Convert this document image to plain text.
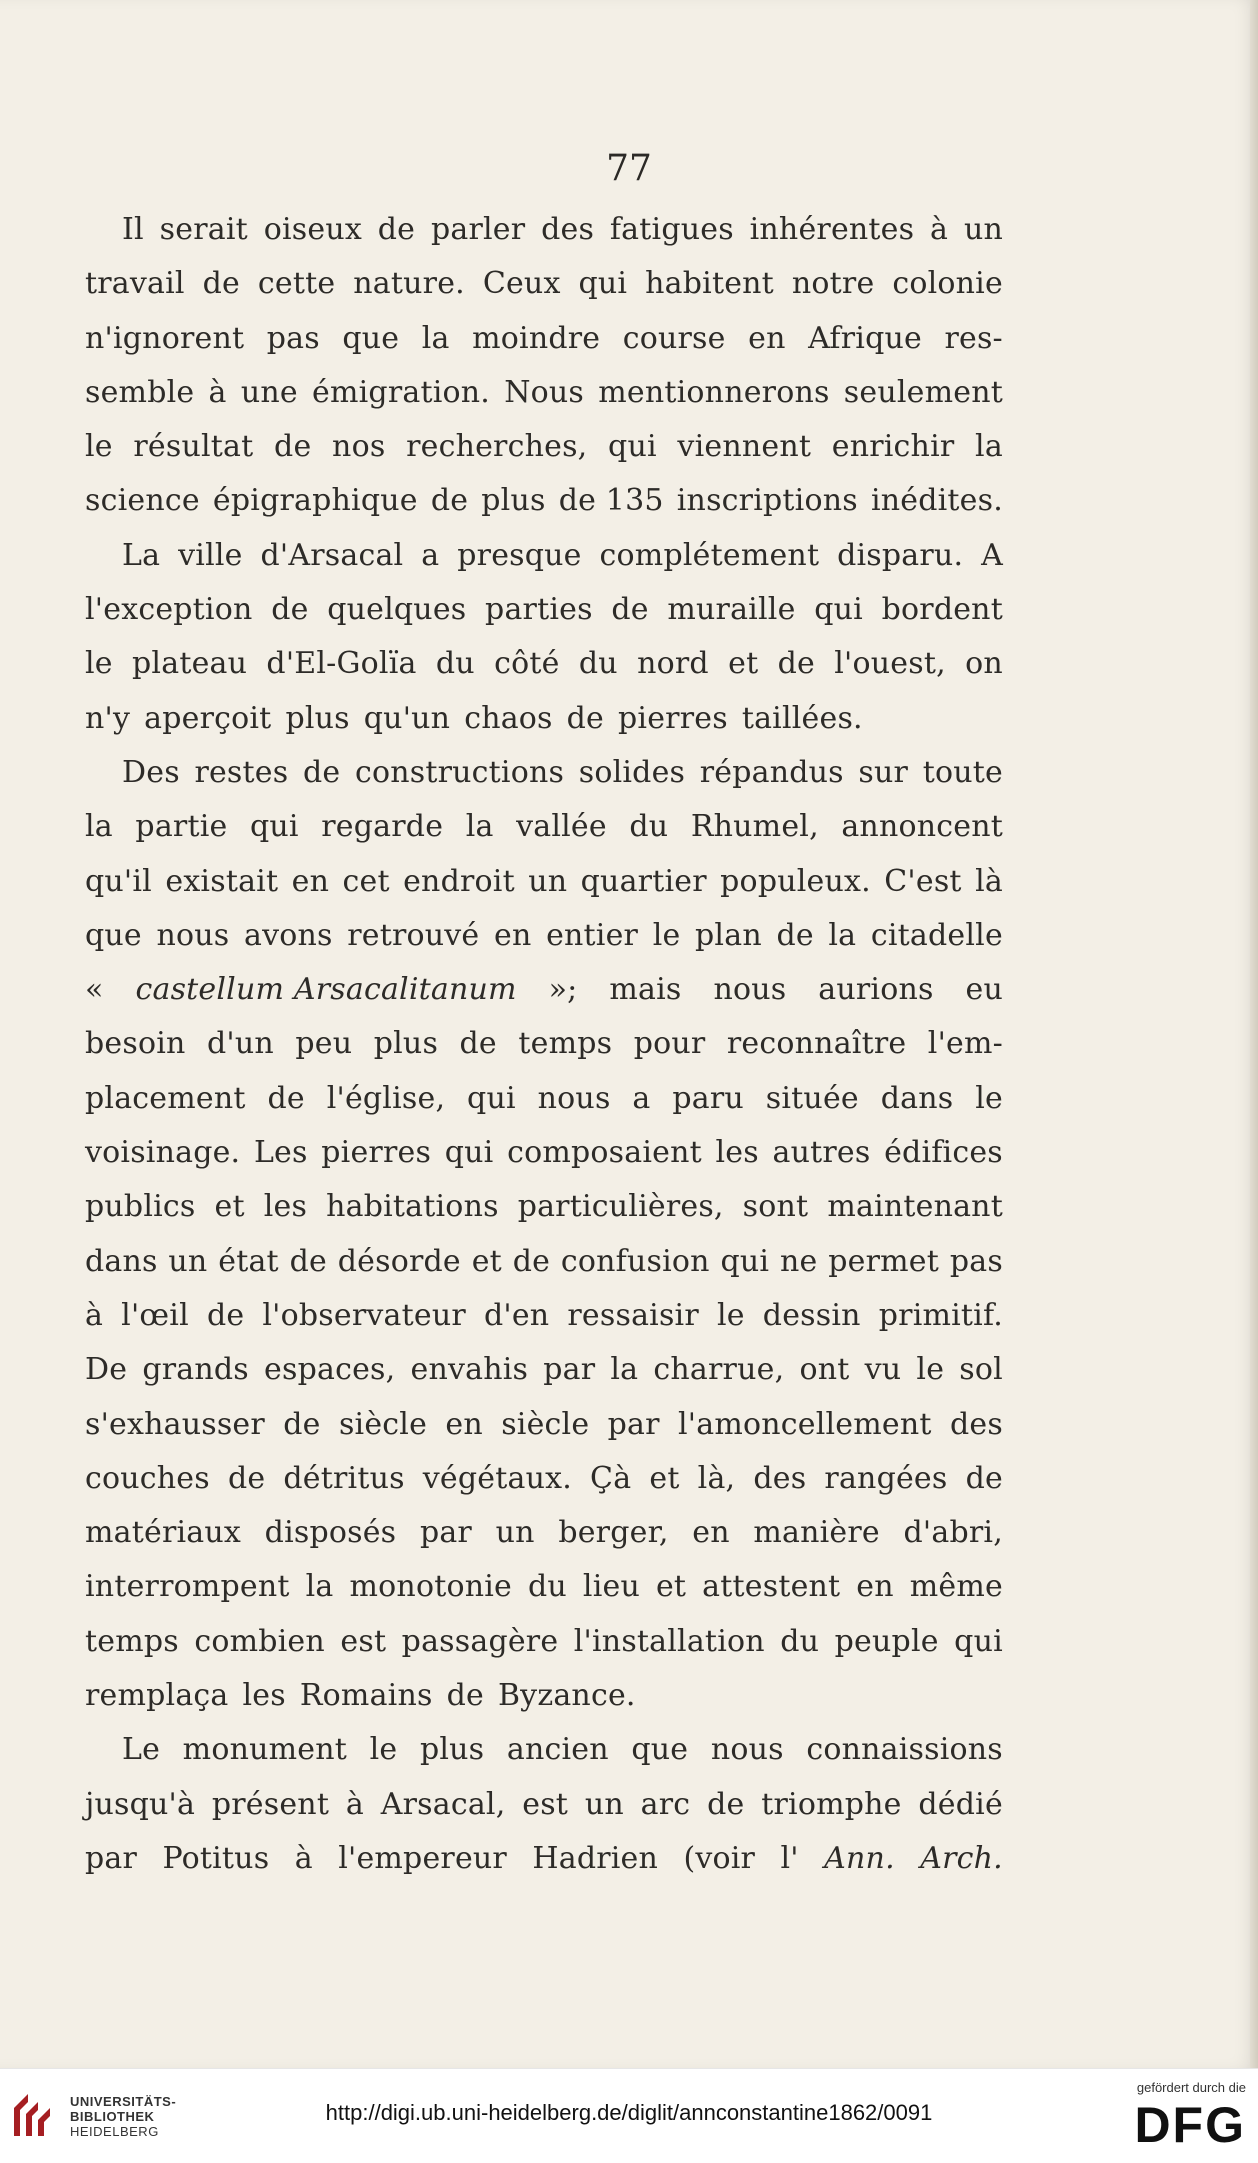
77

Il serait oiseux de parler des fatigues inhérentes à un
travail de cette nature. Ceux qui habitent notre colonie
n'ignorent pas que la moindre course en Afrique res-
semble à une émigration. Nous mentionnerons seulement
le résultat de nos recherches, qui viennent enrichir la
science épigraphique de plus de 135 inscriptions inédites.
La ville d'Arsacal a presque complétement disparu. A
l'exception de quelques parties de muraille qui bordent
le plateau d'El-Golïa du côté du nord et de l'ouest, on
n'y aperçoit plus qu'un chaos de pierres taillées.
Des restes de constructions solides répandus sur toute
la partie qui regarde la vallée du Rhumel, annoncent
qu'il existait en cet endroit un quartier populeux. C'est là
que nous avons retrouvé en entier le plan de la citadelle
« castellum Arsacalitanum »; mais nous aurions eu
besoin d'un peu plus de temps pour reconnaître l'em-
placement de l'église, qui nous a paru située dans le
voisinage. Les pierres qui composaient les autres édifices
publics et les habitations particulières, sont maintenant
dans un état de désorde et de confusion qui ne permet pas
à l'œil de l'observateur d'en ressaisir le dessin primitif.
De grands espaces, envahis par la charrue, ont vu le sol
s'exhausser de siècle en siècle par l'amoncellement des
couches de détritus végétaux. Çà et là, des rangées de
matériaux disposés par un berger, en manière d'abri,
interrompent la monotonie du lieu et attestent en même
temps combien est passagère l'installation du peuple qui
remplaça les Romains de Byzance.
Le monument le plus ancien que nous connaissions
jusqu'à présent à Arsacal, est un arc de triomphe dédié
par Potitus à l'empereur Hadrien (voir l' Ann. Arch.
UNIVERSITÄTS-
BIBLIOTHEK
HEIDELBERG
http://digi.ub.uni-heidelberg.de/diglit/annconstantine1862/0091
gefördert durch die
DFG
